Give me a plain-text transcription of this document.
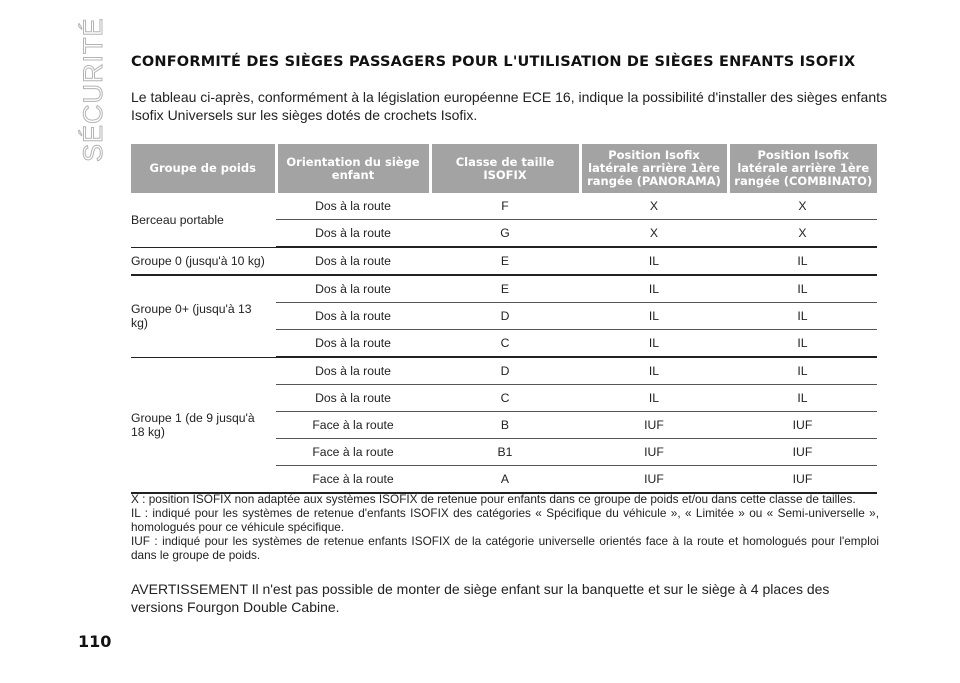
SÉCURITÉ CONFORMITÉ DES SIÈGES PASSAGERS POUR L'UTILISATION DE SIÈGES ENFANTS ISOFIX
Le tableau ci-après, conformément à la législation européenne ECE 16, indique la possibilité d'installer des sièges enfants Isofix Universels sur les sièges dotés de crochets Isofix.
Groupe de poids	Orientation du siège enfant	Classe de taille ISOFIX	Position Isofix latérale arrière 1ère rangée (PANORAMA)	Position Isofix latérale arrière 1ère rangée (COMBINATO)
Berceau portable	Dos à la route	F	X	X
	Dos à la route	G	X	X
Groupe 0 (jusqu'à 10 kg)	Dos à la route	E	IL	IL
Groupe 0+ (jusqu'à 13 kg)	Dos à la route	E	IL	IL
	Dos à la route	D	IL	IL
	Dos à la route	C	IL	IL
Groupe 1 (de 9 jusqu'à 18 kg)	Dos à la route	D	IL	IL
	Dos à la route	C	IL	IL
	Face à la route	B	IUF	IUF
	Face à la route	B1	IUF	IUF
	Face à la route	A	IUF	IUF
X : position ISOFIX non adaptée aux systèmes ISOFIX de retenue pour enfants dans ce groupe de poids et/ou dans cette classe de tailles.
IL : indiqué pour les systèmes de retenue d'enfants ISOFIX des catégories « Spécifique du véhicule », « Limitée » ou « Semi-universelle », homologués pour ce véhicule spécifique.
IUF : indiqué pour les systèmes de retenue enfants ISOFIX de la catégorie universelle orientés face à la route et homologués pour l'emploi dans le groupe de poids.
AVERTISSEMENT Il n'est pas possible de monter de siège enfant sur la banquette et sur le siège à 4 places des versions Fourgon Double Cabine.
110
